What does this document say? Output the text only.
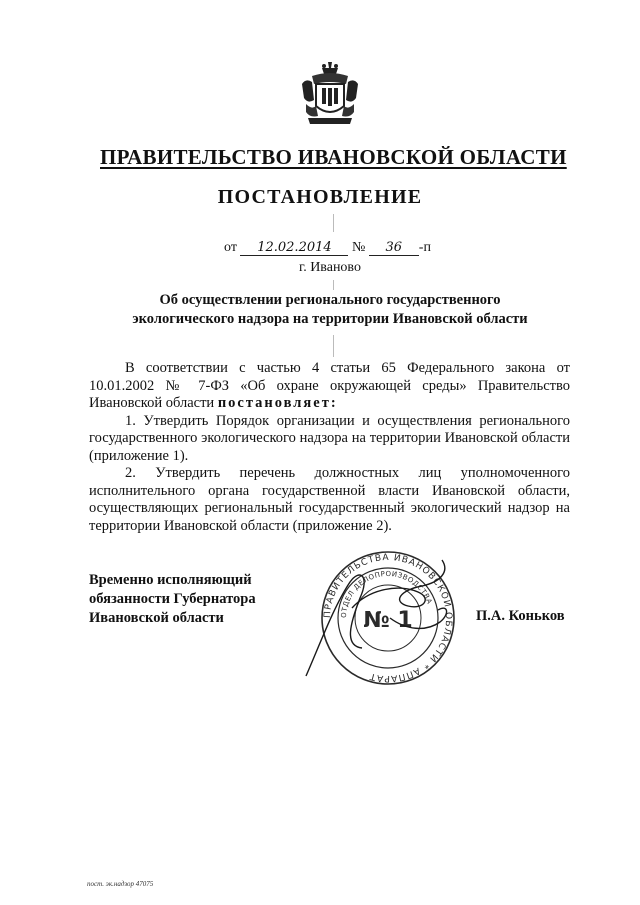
ПРАВИТЕЛЬСТВО ИВАНОВСКОЙ ОБЛАСТИ
ПОСТАНОВЛЕНИЕ
от 12.02.2014 № 36 -п
г. Иваново
Об осуществлении регионального государственного
экологического надзора на территории Ивановской области

В соответствии с частью 4 статьи 65 Федерального закона от 10.01.2002 № 7-ФЗ «Об охране окружающей среды» Правительство Ивановской области постановляет:

1. Утвердить Порядок организации и осуществления регионального государственного экологического надзора на территории Ивановской области (приложение 1).

2. Утвердить перечень должностных лиц уполномоченного исполнительного органа государственной власти Ивановской области, осуществляющих региональный государственный экологический надзор на территории Ивановской области (приложение 2).

Временно исполняющий
обязанности Губернатора
Ивановской области	ПРАВИТЕЛЬСТВА ИВАНОВСКОЙ ОБЛАСТИ * АППАРАТ
ОТДЕЛ ДЕЛОПРОИЗВОДСТВА
№ 1	П.А. Коньков
пост. эк.надзор 47075
